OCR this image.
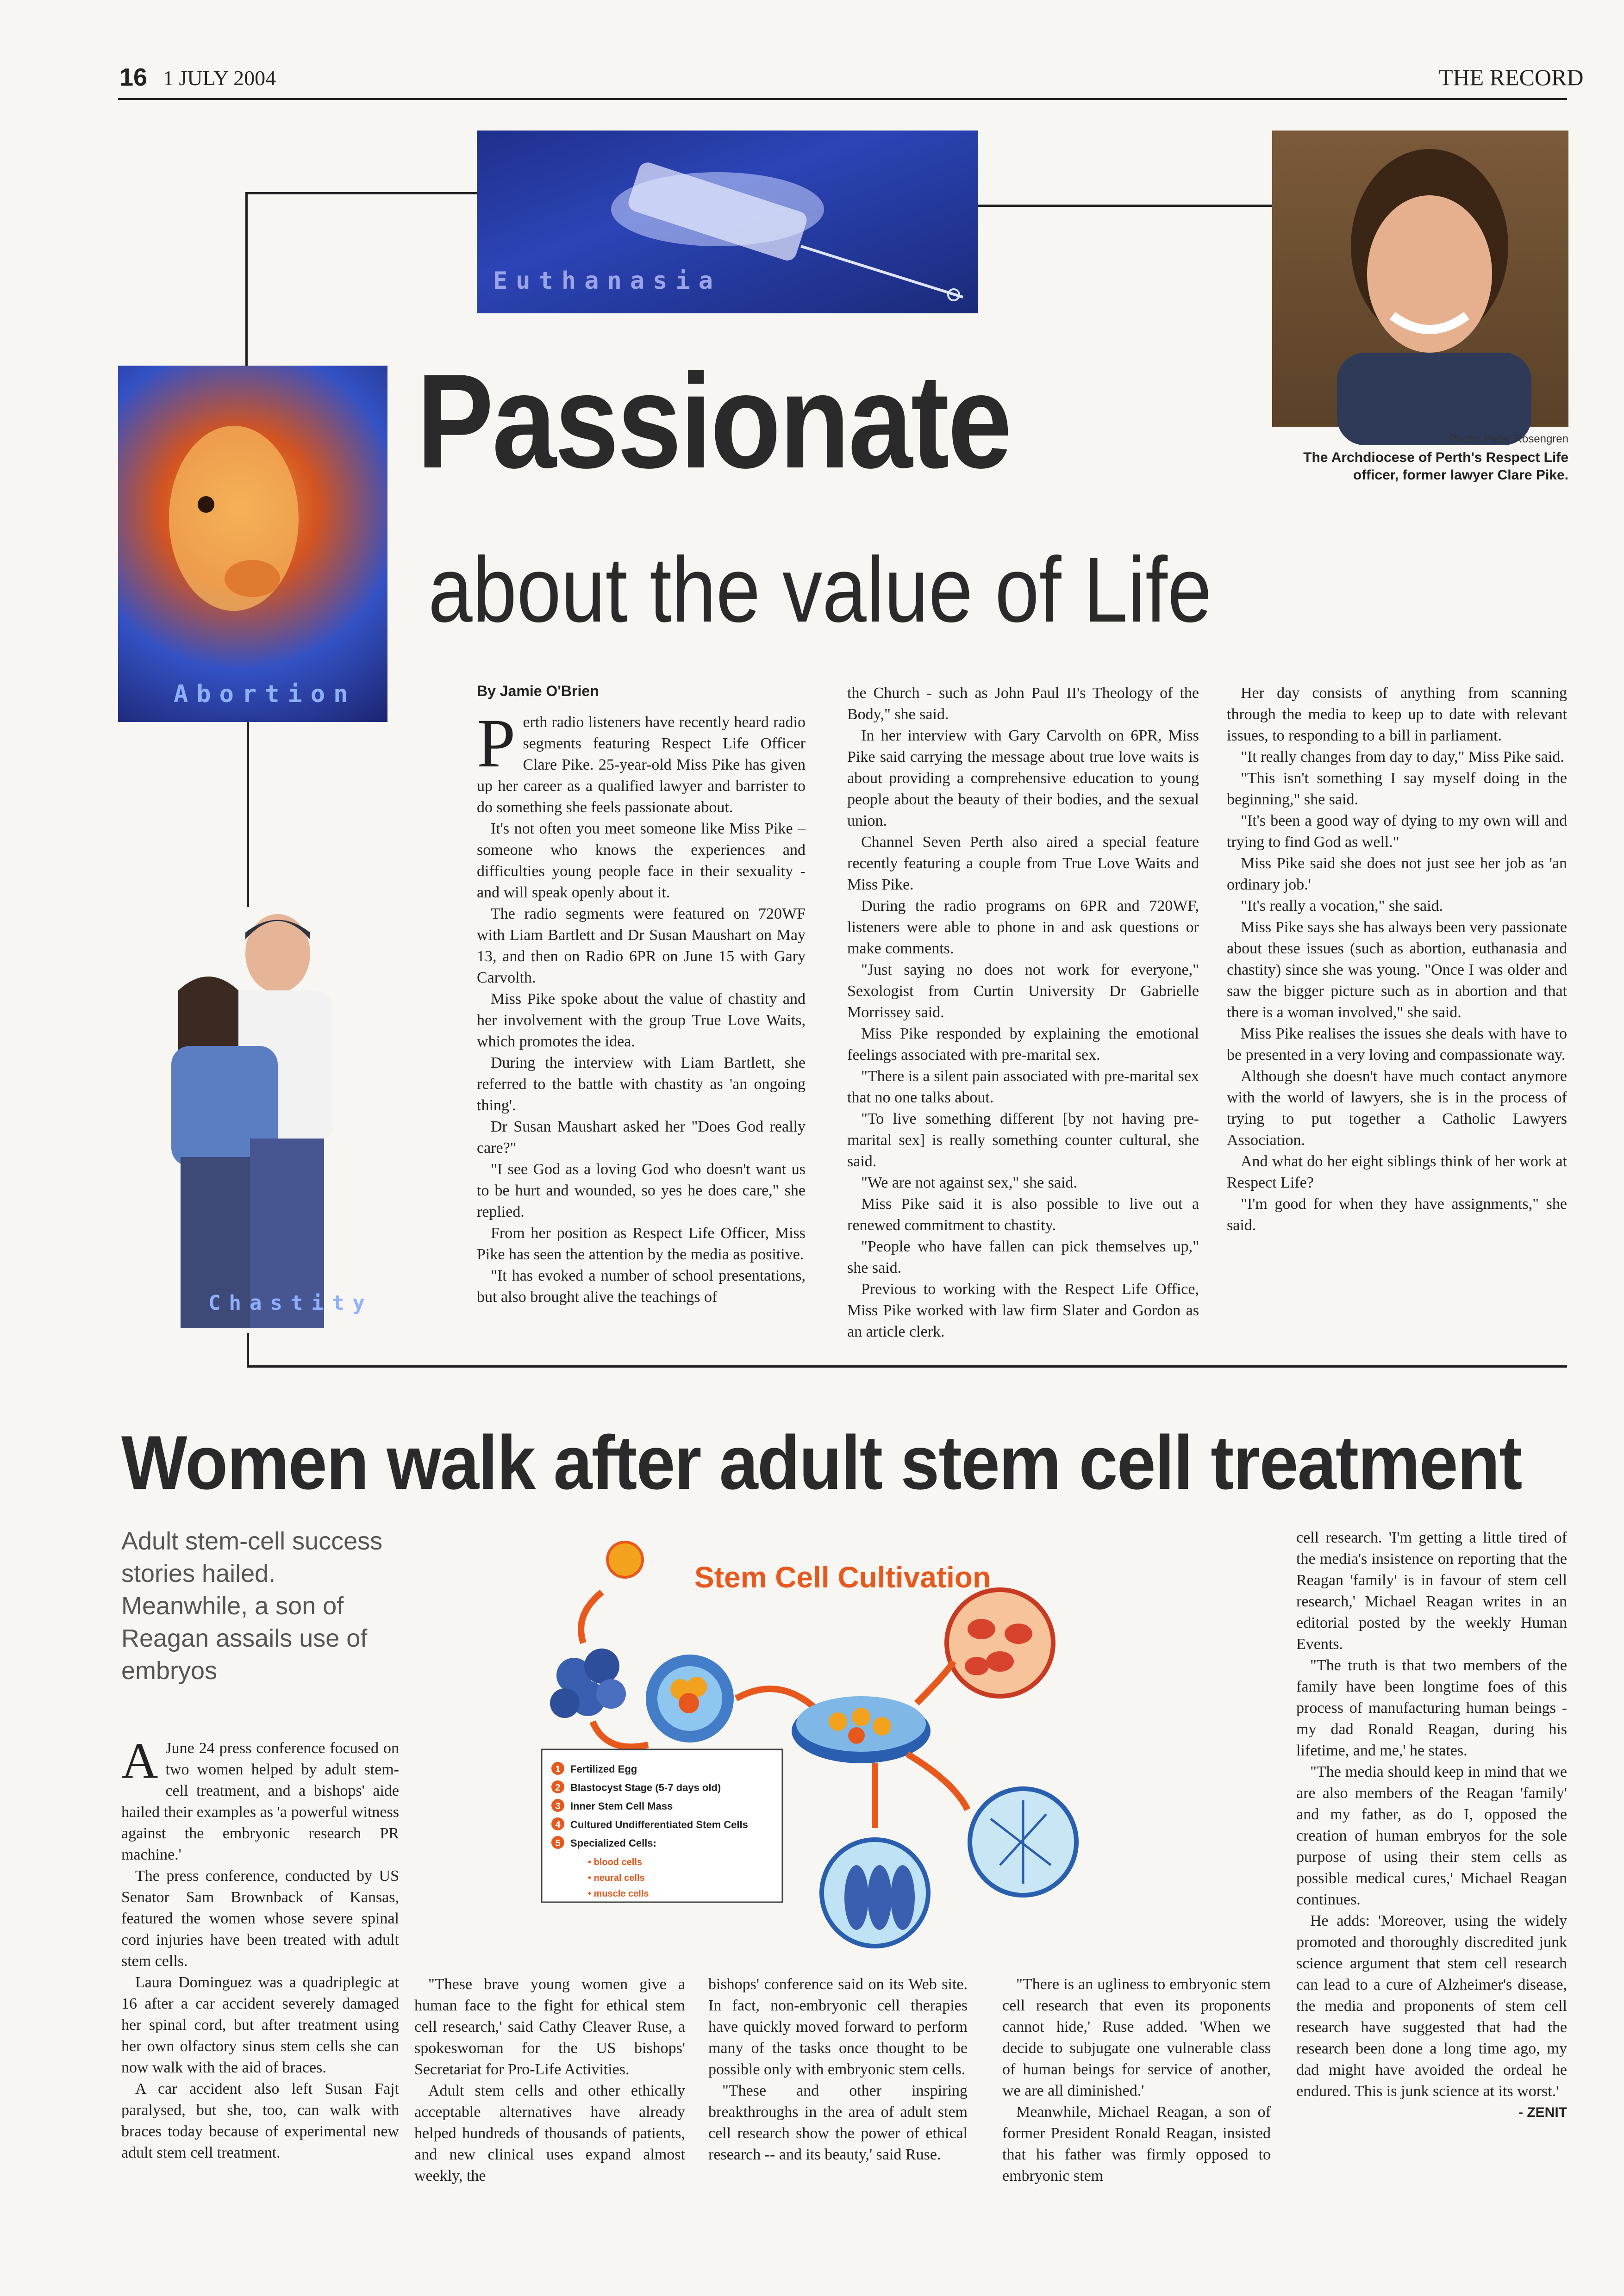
16 1 JULY 2004	THE RECORD
Euthanasia
Abortion
Chastity
Photo: Peter Rosengren
The Archdiocese of Perth's Respect Life officer, former lawyer Clare Pike.
Passionate
about the value of Life
By Jamie O'Brien

Perth radio listeners have recently heard radio segments featuring Respect Life Officer Clare Pike. 25-year-old Miss Pike has given up her career as a qualified lawyer and barrister to do something she feels passionate about.

It's not often you meet someone like Miss Pike – someone who knows the experiences and difficulties young people face in their sexuality - and will speak openly about it.

The radio segments were featured on 720WF with Liam Bartlett and Dr Susan Maushart on May 13, and then on Radio 6PR on June 15 with Gary Carvolth.

Miss Pike spoke about the value of chastity and her involvement with the group True Love Waits, which promotes the idea.

During the interview with Liam Bartlett, she referred to the battle with chastity as 'an ongoing thing'.

Dr Susan Maushart asked her "Does God really care?"

"I see God as a loving God who doesn't want us to be hurt and wounded, so yes he does care," she replied.

From her position as Respect Life Officer, Miss Pike has seen the attention by the media as positive.

"It has evoked a number of school presentations, but also brought alive the teachings of

the Church - such as John Paul II's Theology of the Body," she said.

In her interview with Gary Carvolth on 6PR, Miss Pike said carrying the message about true love waits is about providing a comprehensive education to young people about the beauty of their bodies, and the sexual union.

Channel Seven Perth also aired a special feature recently featuring a couple from True Love Waits and Miss Pike.

During the radio programs on 6PR and 720WF, listeners were able to phone in and ask questions or make comments.

"Just saying no does not work for everyone," Sexologist from Curtin University Dr Gabrielle Morrissey said.

Miss Pike responded by explaining the emotional feelings associated with pre-marital sex.

"There is a silent pain associated with pre-marital sex that no one talks about.

"To live something different [by not having pre-marital sex] is really something counter cultural, she said.

"We are not against sex," she said.

Miss Pike said it is also possible to live out a renewed commitment to chastity.

"People who have fallen can pick themselves up," she said.

Previous to working with the Respect Life Office, Miss Pike worked with law firm Slater and Gordon as an article clerk.

Her day consists of anything from scanning through the media to keep up to date with relevant issues, to responding to a bill in parliament.

"It really changes from day to day," Miss Pike said.

"This isn't something I say myself doing in the beginning," she said.

"It's been a good way of dying to my own will and trying to find God as well."

Miss Pike said she does not just see her job as 'an ordinary job.'

"It's really a vocation," she said.

Miss Pike says she has always been very passionate about these issues (such as abortion, euthanasia and chastity) since she was young. "Once I was older and saw the bigger picture such as in abortion and that there is a woman involved," she said.

Miss Pike realises the issues she deals with have to be presented in a very loving and compassionate way.

Although she doesn't have much contact anymore with the world of lawyers, she is in the process of trying to put together a Catholic Lawyers Association.

And what do her eight siblings think of her work at Respect Life?

"I'm good for when they have assignments," she said.

Women walk after adult stem cell treatment
Adult stem-cell success stories hailed. Meanwhile, a son of Reagan assails use of embryos
Stem Cell Cultivation
1 Fertilized Egg
2 Blastocyst Stage (5-7 days old)
3 Inner Stem Cell Mass
4 Cultured Undifferentiated Stem Cells
5 Specialized Cells:
• blood cells
• neural cells
• muscle cells

A June 24 press conference focused on two women helped by adult stem-cell treatment, and a bishops' aide hailed their examples as 'a powerful witness against the embryonic research PR machine.'

The press conference, conducted by US Senator Sam Brownback of Kansas, featured the women whose severe spinal cord injuries have been treated with adult stem cells.

Laura Dominguez was a quadriplegic at 16 after a car accident severely damaged her spinal cord, but after treatment using her own olfactory sinus stem cells she can now walk with the aid of braces.

A car accident also left Susan Fajt paralysed, but she, too, can walk with braces today because of experimental new adult stem cell treatment.

"These brave young women give a human face to the fight for ethical stem cell research,' said Cathy Cleaver Ruse, a spokeswoman for the US bishops' Secretariat for Pro-Life Activities.

Adult stem cells and other ethically acceptable alternatives have already helped hundreds of thousands of patients, and new clinical uses expand almost weekly, the

bishops' conference said on its Web site. In fact, non-embryonic cell therapies have quickly moved forward to perform many of the tasks once thought to be possible only with embryonic stem cells.

"These and other inspiring breakthroughs in the area of adult stem cell research show the power of ethical research -- and its beauty,' said Ruse.

"There is an ugliness to embryonic stem cell research that even its proponents cannot hide,' Ruse added. 'When we decide to subjugate one vulnerable class of human beings for service of another, we are all diminished.'

Meanwhile, Michael Reagan, a son of former President Ronald Reagan, insisted that his father was firmly opposed to embryonic stem

cell research. 'I'm getting a little tired of the media's insistence on reporting that the Reagan 'family' is in favour of stem cell research,' Michael Reagan writes in an editorial posted by the weekly Human Events.

"The truth is that two members of the family have been longtime foes of this process of manufacturing human beings - my dad Ronald Reagan, during his lifetime, and me,' he states.

"The media should keep in mind that we are also members of the Reagan 'family' and my father, as do I, opposed the creation of human embryos for the sole purpose of using their stem cells as possible medical cures,' Michael Reagan continues.

He adds: 'Moreover, using the widely promoted and thoroughly discredited junk science argument that stem cell research can lead to a cure of Alzheimer's disease, the media and proponents of stem cell research have suggested that had the research been done a long time ago, my dad might have avoided the ordeal he endured. This is junk science at its worst.'

- ZENIT
